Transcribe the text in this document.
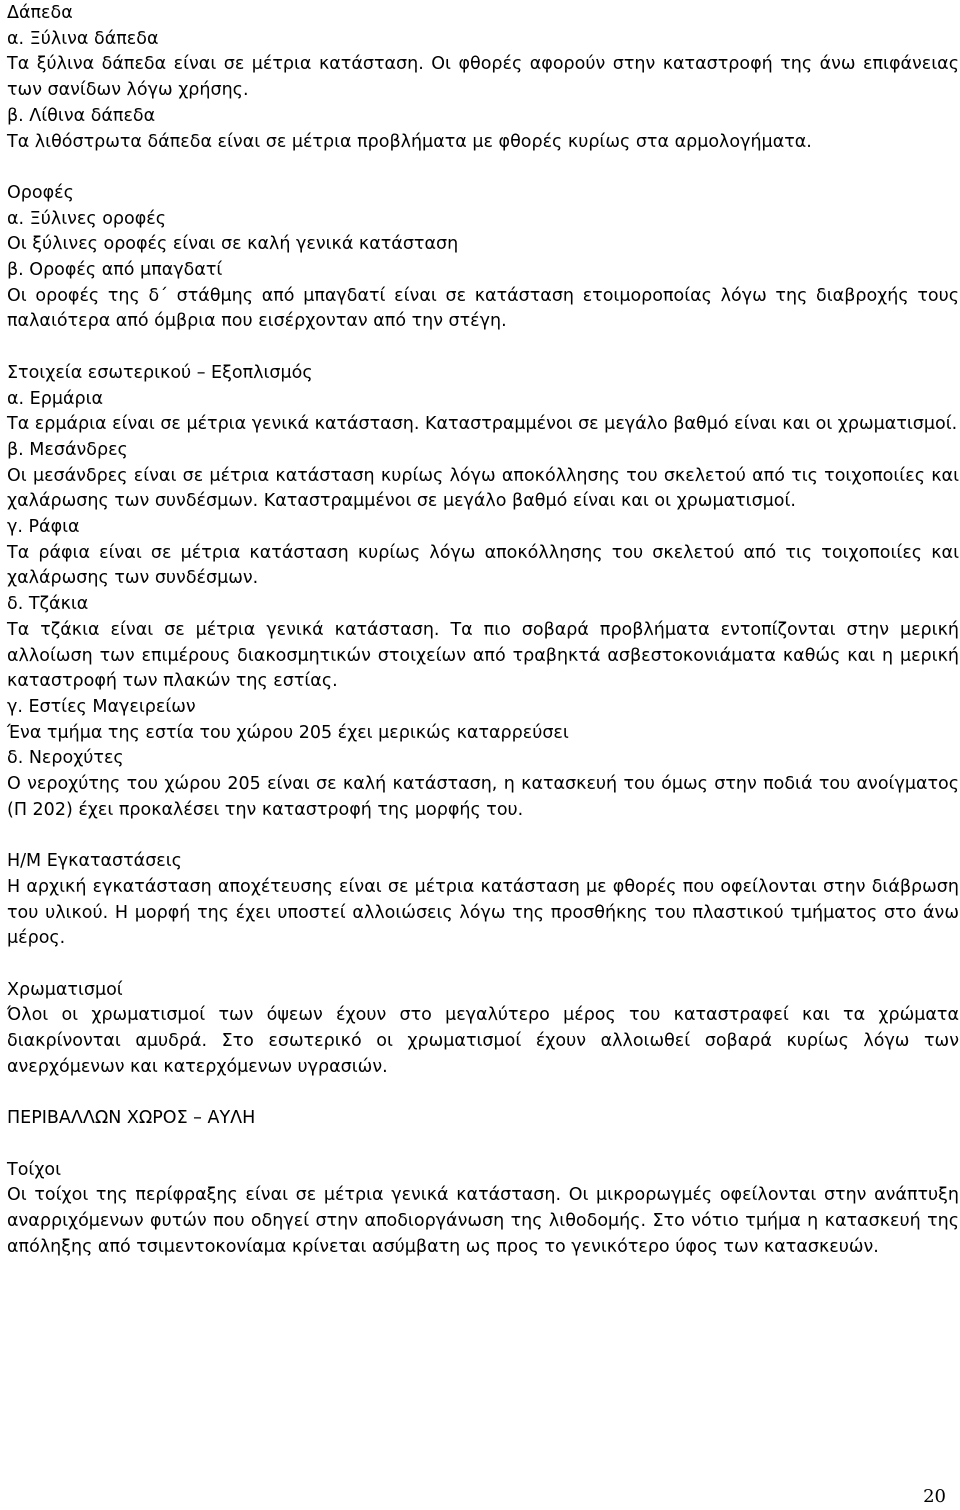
Δάπεδα
α. Ξύλινα δάπεδα
Τα ξύλινα δάπεδα είναι σε μέτρια κατάσταση. Οι φθορές αφορούν στην καταστροφή της άνω επιφάνειας των σανίδων λόγω χρήσης.
β. Λίθινα δάπεδα
Τα λιθόστρωτα δάπεδα είναι σε μέτρια προβλήματα με φθορές κυρίως στα αρμολογήματα.
Οροφές
α. Ξύλινες οροφές
Οι ξύλινες οροφές είναι σε καλή γενικά κατάσταση
β. Οροφές από μπαγδατί
Οι οροφές της δ΄ στάθμης από μπαγδατί είναι σε κατάσταση ετοιμοροποίας λόγω της διαβροχής τους παλαιότερα από όμβρια που εισέρχονταν από την στέγη.
Στοιχεία εσωτερικού – Εξοπλισμός
α. Ερμάρια
Τα ερμάρια είναι σε μέτρια γενικά κατάσταση. Καταστραμμένοι σε μεγάλο βαθμό είναι και οι χρωματισμοί.
β. Μεσάνδρες
Οι μεσάνδρες είναι σε μέτρια κατάσταση κυρίως λόγω αποκόλλησης του σκελετού από τις τοιχοποιίες και χαλάρωσης των συνδέσμων. Καταστραμμένοι σε μεγάλο βαθμό είναι και οι χρωματισμοί.
γ. Ράφια
Τα ράφια είναι σε μέτρια κατάσταση κυρίως λόγω αποκόλλησης του σκελετού από τις τοιχοποιίες και χαλάρωσης των συνδέσμων.
δ. Τζάκια
Τα τζάκια είναι σε μέτρια γενικά κατάσταση. Τα πιο σοβαρά προβλήματα εντοπίζονται στην μερική αλλοίωση των επιμέρους διακοσμητικών στοιχείων από τραβηκτά ασβεστοκονιάματα καθώς και η μερική καταστροφή των πλακών της εστίας.
γ. Εστίες Μαγειρείων
Ένα τμήμα της εστία του χώρου 205 έχει μερικώς καταρρεύσει
δ. Νεροχύτες
Ο νεροχύτης του χώρου 205 είναι σε καλή κατάσταση, η κατασκευή του όμως στην ποδιά του ανοίγματος (Π 202) έχει προκαλέσει την καταστροφή της μορφής του.
Η/Μ Εγκαταστάσεις
Η αρχική εγκατάσταση αποχέτευσης είναι σε μέτρια κατάσταση με φθορές που οφείλονται στην διάβρωση του υλικού. Η μορφή της έχει υποστεί αλλοιώσεις λόγω της προσθήκης του πλαστικού τμήματος στο άνω μέρος.
Χρωματισμοί
Όλοι οι χρωματισμοί των όψεων έχουν στο μεγαλύτερο μέρος του καταστραφεί και τα χρώματα διακρίνονται αμυδρά. Στο εσωτερικό οι χρωματισμοί έχουν αλλοιωθεί σοβαρά κυρίως λόγω των ανερχόμενων και κατερχόμενων υγρασιών.
ΠΕΡΙΒΑΛΛΩΝ ΧΩΡΟΣ – ΑΥΛΗ
Τοίχοι
Οι τοίχοι της περίφραξης είναι σε μέτρια γενικά κατάσταση. Οι μικρορωγμές οφείλονται στην ανάπτυξη αναρριχόμενων φυτών που οδηγεί στην αποδιοργάνωση της λιθοδομής. Στο νότιο τμήμα η κατασκευή της απόληξης από τσιμεντοκονίαμα κρίνεται ασύμβατη ως προς το γενικότερο ύφος των κατασκευών.
20
